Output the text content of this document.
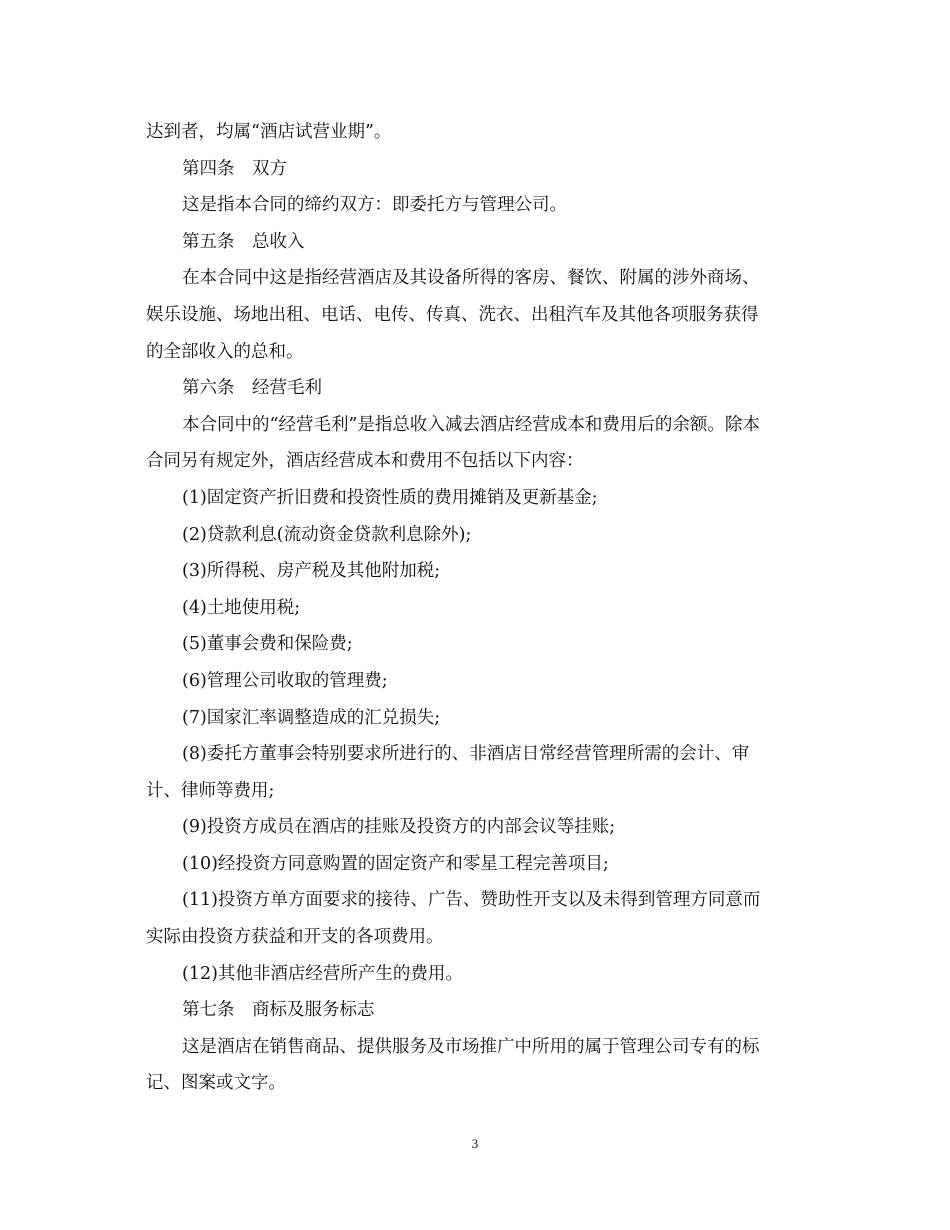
达到者，均属“酒店试营业期”。

第四条　双方

这是指本合同的缔约双方：即委托方与管理公司。

第五条　总收入

在本合同中这是指经营酒店及其设备所得的客房、餐饮、附属的涉外商场、

娱乐设施、场地出租、电话、电传、传真、洗衣、出租汽车及其他各项服务获得

的全部收入的总和。

第六条　经营毛利

本合同中的“经营毛利”是指总收入减去酒店经营成本和费用后的余额。除本

合同另有规定外，酒店经营成本和费用不包括以下内容：

(1)固定资产折旧费和投资性质的费用摊销及更新基金;

(2)贷款利息(流动资金贷款利息除外);

(3)所得税、房产税及其他附加税;

(4)土地使用税;

(5)董事会费和保险费;

(6)管理公司收取的管理费;

(7)国家汇率调整造成的汇兑损失;

(8)委托方董事会特别要求所进行的、非酒店日常经营管理所需的会计、审

计、律师等费用;

(9)投资方成员在酒店的挂账及投资方的内部会议等挂账;

(10)经投资方同意购置的固定资产和零星工程完善项目;

(11)投资方单方面要求的接待、广告、赞助性开支以及未得到管理方同意而

实际由投资方获益和开支的各项费用。

(12)其他非酒店经营所产生的费用。

第七条　商标及服务标志

这是酒店在销售商品、提供服务及市场推广中所用的属于管理公司专有的标

记、图案或文字。

3
